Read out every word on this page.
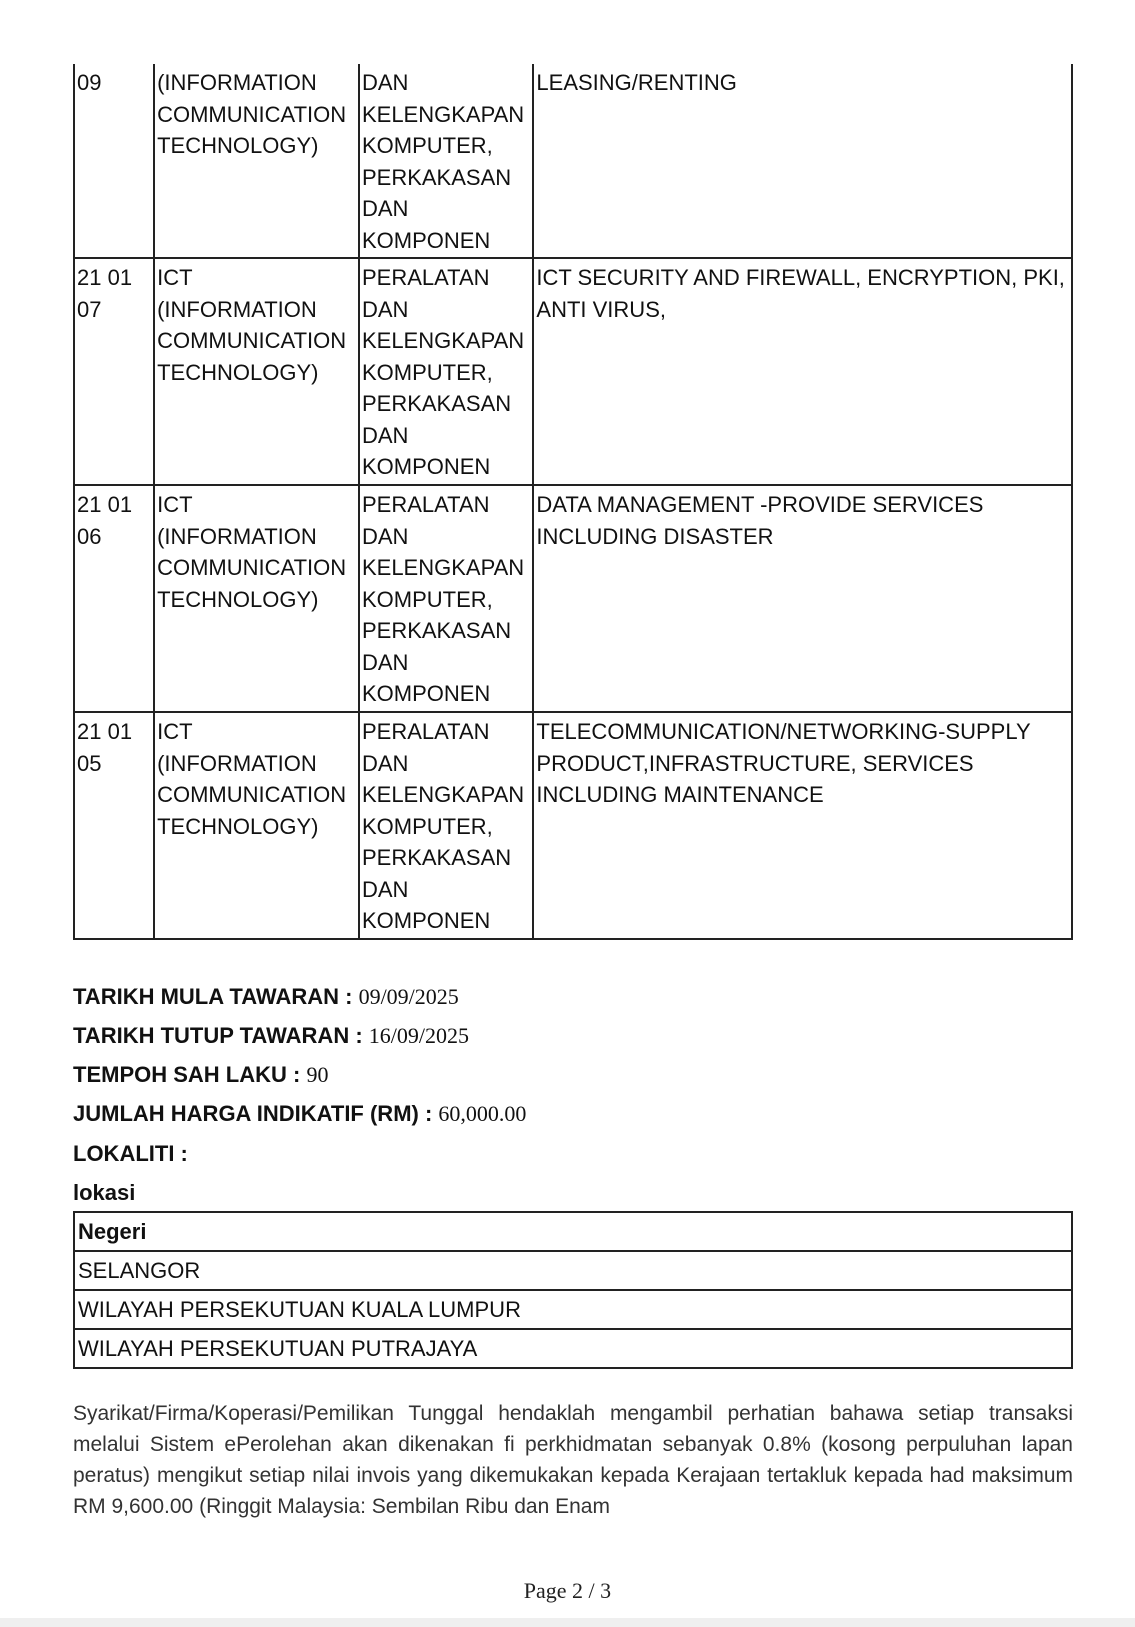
09	(INFORMATION COMMUNICATION TECHNOLOGY)	DAN KELENGKAPAN KOMPUTER, PERKAKASAN DAN KOMPONEN	LEASING/RENTING
21 01 07	ICT (INFORMATION COMMUNICATION TECHNOLOGY)	PERALATAN DAN KELENGKAPAN KOMPUTER, PERKAKASAN DAN KOMPONEN	ICT SECURITY AND FIREWALL, ENCRYPTION, PKI, ANTI VIRUS,
21 01 06	ICT (INFORMATION COMMUNICATION TECHNOLOGY)	PERALATAN DAN KELENGKAPAN KOMPUTER, PERKAKASAN DAN KOMPONEN	DATA MANAGEMENT -PROVIDE SERVICES INCLUDING DISASTER
21 01 05	ICT (INFORMATION COMMUNICATION TECHNOLOGY)	PERALATAN DAN KELENGKAPAN KOMPUTER, PERKAKASAN DAN KOMPONEN	TELECOMMUNICATION/NETWORKING-SUPPLY PRODUCT,INFRASTRUCTURE, SERVICES INCLUDING MAINTENANCE
TARIKH MULA TAWARAN : 09/09/2025
TARIKH TUTUP TAWARAN : 16/09/2025
TEMPOH SAH LAKU : 90
JUMLAH HARGA INDIKATIF (RM) : 60,000.00
LOKALITI :
lokasi
Negeri
SELANGOR
WILAYAH PERSEKUTUAN KUALA LUMPUR
WILAYAH PERSEKUTUAN PUTRAJAYA
Syarikat/Firma/Koperasi/Pemilikan Tunggal hendaklah mengambil perhatian bahawa setiap transaksi melalui Sistem ePerolehan akan dikenakan fi perkhidmatan sebanyak 0.8% (kosong perpuluhan lapan peratus) mengikut setiap nilai invois yang dikemukakan kepada Kerajaan tertakluk kepada had maksimum RM 9,600.00 (Ringgit Malaysia: Sembilan Ribu dan Enam
Page 2 / 3
